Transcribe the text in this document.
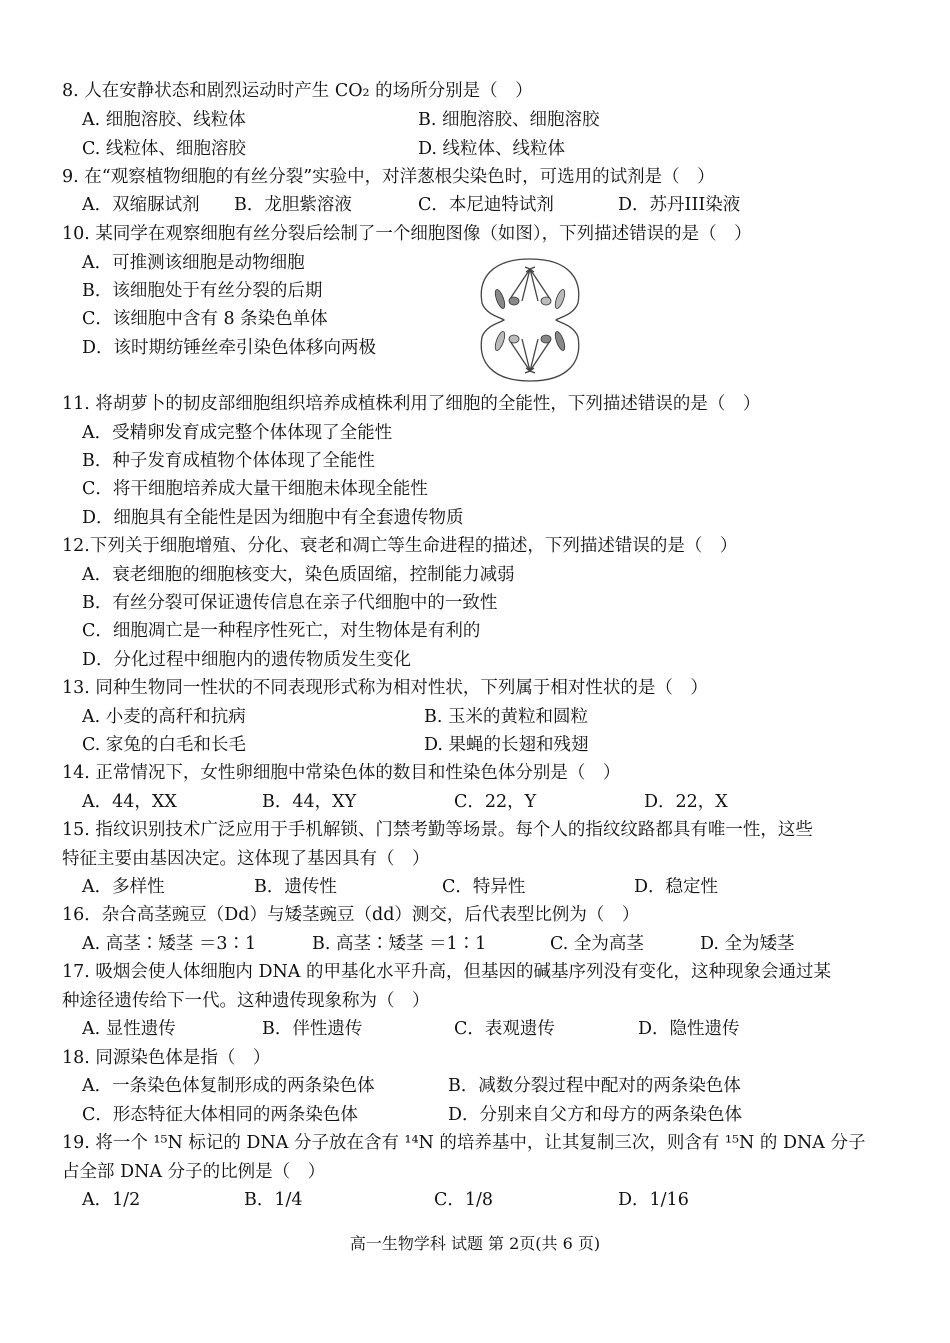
8. 人在安静状态和剧烈运动时产生 CO₂ 的场所分别是（　）
A. 细胞溶胶、线粒体	B. 细胞溶胶、细胞溶胶
C. 线粒体、细胞溶胶	D. 线粒体、线粒体
9. 在“观察植物细胞的有丝分裂”实验中，对洋葱根尖染色时，可选用的试剂是（　）
A．双缩脲试剂 B．龙胆紫溶液	C．本尼迪特试剂	D．苏丹III染液
10. 某同学在观察细胞有丝分裂后绘制了一个细胞图像（如图），下列描述错误的是（　）
A．可推测该细胞是动物细胞
B．该细胞处于有丝分裂的后期
C．该细胞中含有 8 条染色单体
D．该时期纺锤丝牵引染色体移向两极
11. 将胡萝卜的韧皮部细胞组织培养成植株利用了细胞的全能性，下列描述错误的是（　）
A．受精卵发育成完整个体体现了全能性
B．种子发育成植物个体体现了全能性
C．将干细胞培养成大量干细胞未体现全能性
D．细胞具有全能性是因为细胞中有全套遗传物质
12.下列关于细胞增殖、分化、衰老和凋亡等生命进程的描述，下列描述错误的是（　）
A．衰老细胞的细胞核变大，染色质固缩，控制能力减弱
B．有丝分裂可保证遗传信息在亲子代细胞中的一致性
C．细胞凋亡是一种程序性死亡，对生物体是有利的
D．分化过程中细胞内的遗传物质发生变化
13. 同种生物同一性状的不同表现形式称为相对性状，下列属于相对性状的是（　）
A. 小麦的高秆和抗病	B. 玉米的黄粒和圆粒
C. 家兔的白毛和长毛	D. 果蝇的长翅和残翅
14. 正常情况下，女性卵细胞中常染色体的数目和性染色体分别是（　）
A．44，XX	B．44，XY	C．22，Y	D．22，X
15. 指纹识别技术广泛应用于手机解锁、门禁考勤等场景。每个人的指纹纹路都具有唯一性，这些
特征主要由基因决定。这体现了基因具有（　）
A．多样性	B．遗传性	C．特异性	D．稳定性
16．杂合高茎豌豆（Dd）与矮茎豌豆（dd）测交，后代表型比例为（　）
A. 高茎∶矮茎 ＝3∶1	B. 高茎∶矮茎 ＝1∶1	C. 全为高茎	D. 全为矮茎
17. 吸烟会使人体细胞内 DNA 的甲基化水平升高，但基因的碱基序列没有变化，这种现象会通过某
种途径遗传给下一代。这种遗传现象称为（　）
A. 显性遗传	B．伴性遗传	C．表观遗传	D．隐性遗传
18. 同源染色体是指（　）
A．一条染色体复制形成的两条染色体	B．减数分裂过程中配对的两条染色体
C．形态特征大体相同的两条染色体	D．分别来自父方和母方的两条染色体
19. 将一个 ¹⁵N 标记的 DNA 分子放在含有 ¹⁴N 的培养基中，让其复制三次，则含有 ¹⁵N 的 DNA 分子
占全部 DNA 分子的比例是（　）
A．1/2	B．1/4	C．1/8	D．1/16
高一生物学科 试题 第 2页(共 6 页)
